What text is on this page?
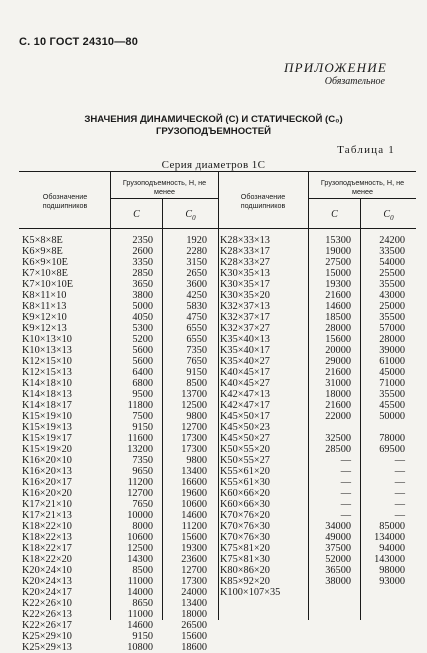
С. 10 ГОСТ 24310—80
ПРИЛОЖЕНИЕ
Обязательное
ЗНАЧЕНИЯ ДИНАМИЧЕСКОЙ (C) И СТАТИЧЕСКОЙ (C₀)
ГРУЗОПОДЪЕМНОСТЕЙ
Таблица 1
Серия диаметров 1С
Обозначение подшипников
Грузоподъемность, Н, не менее
C	$C_0$
Обозначение подшипников
Грузоподъемность, Н, не менее
C	$C_0$
K5×8×8E	2350	1920
K6×9×8E	2600	2280
K6×9×10E	3350	3150
K7×10×8E	2850	2650
K7×10×10E	3650	3600
K8×11×10	3800	4250
K8×11×13	5000	5830
K9×12×10	4050	4750
K9×12×13	5300	6550
K10×13×10	5200	6550
K10×13×13	5600	7350
K12×15×10	5600	7650
K12×15×13	6400	9150
K14×18×10	6800	8500
K14×18×13	9500	13700
K14×18×17	11800	12500
K15×19×10	7500	9800
K15×19×13	9150	12700
K15×19×17	11600	17300
K15×19×20	13200	17300
K16×20×10	7350	9800
K16×20×13	9650	13400
K16×20×17	11200	16600
K16×20×20	12700	19600
K17×21×10	7650	10600
K17×21×13	10000	14600
K18×22×10	8000	11200
K18×22×13	10600	15600
K18×22×17	12500	19300
K18×22×20	14300	23600
K20×24×10	8500	12700
K20×24×13	11000	17300
K20×24×17	14000	24000
K22×26×10	8650	13400
K22×26×13	11000	18000
K22×26×17	14600	26500
K25×29×10	9150	15600
K25×29×13	10800	18600
K28×33×13	15300	24200
K28×33×17	19000	33500
K28×33×27	27500	54000
K30×35×13	15000	25500
K30×35×17	19300	35500
K30×35×20	21600	43000
K32×37×13	14600	25000
K32×37×17	18500	35500
K32×37×27	28000	57000
K35×40×13	15600	28000
K35×40×17	20000	39000
K35×40×27	29000	61000
K40×45×17	21600	45000
K40×45×27	31000	71000
K42×47×13	18000	35500
K42×47×17	21600	45500
K45×50×17	22000	50000
K45×50×23
K45×50×27	32500	78000
K50×55×20	28500	69500
K50×55×27	—	—
K55×61×20	—	—
K55×61×30	—	—
K60×66×20	—	—
K60×66×30	—	—
K70×76×20	—	—
K70×76×30	34000	85000
K70×76×30	49000	134000
K75×81×20	37500	94000
K75×81×30	52000	143000
K80×86×20	36500	98000
K85×92×20	38000	93000
K100×107×35
